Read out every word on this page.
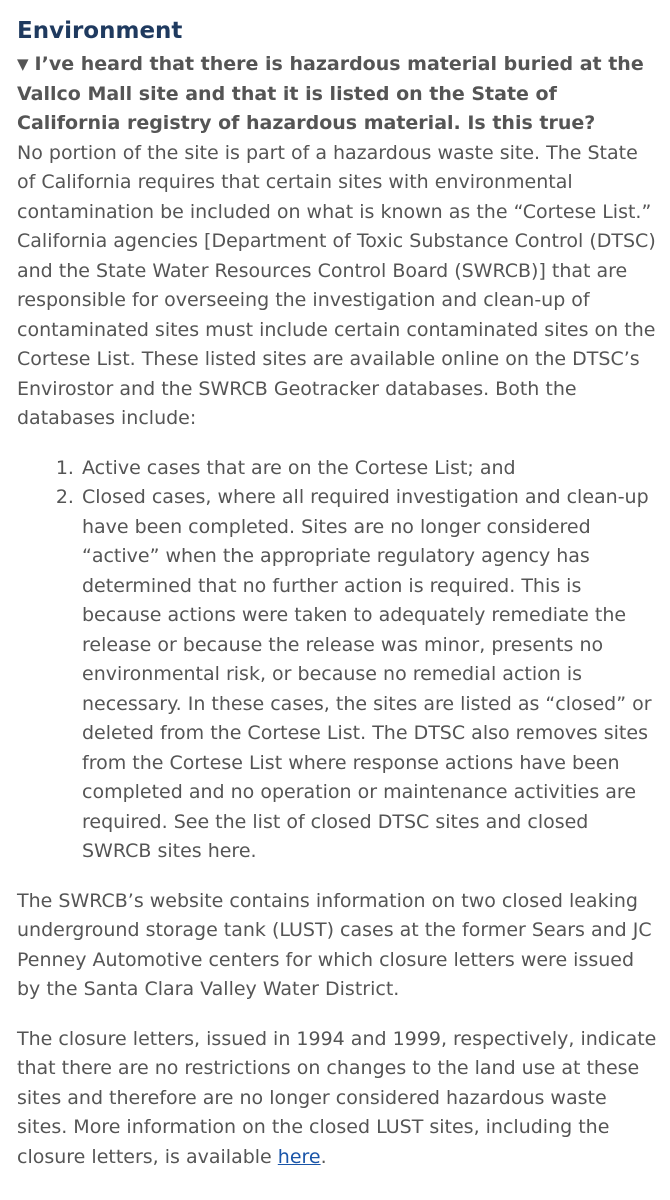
Environment
▼ I’ve heard that there is hazardous material buried at the Vallco Mall site and that it is listed on the State of California registry of hazardous material. Is this true?

No portion of the site is part of a hazardous waste site. The State of California requires that certain sites with environmental contamination be included on what is known as the “Cortese List.” California agencies [Department of Toxic Substance Control (DTSC) and the State Water Resources Control Board (SWRCB)] that are responsible for overseeing the investigation and clean-up of contaminated sites must include certain contaminated sites on the Cortese List. These listed sites are available online on the DTSC’s Envirostor and the SWRCB Geotracker databases. Both the databases include:

1. Active cases that are on the Cortese List; and
2. Closed cases, where all required investigation and clean-up have been completed. Sites are no longer considered “active” when the appropriate regulatory agency has determined that no further action is required. This is because actions were taken to adequately remediate the release or because the release was minor, presents no environmental risk, or because no remedial action is necessary. In these cases, the sites are listed as “closed” or deleted from the Cortese List. The DTSC also removes sites from the Cortese List where response actions have been completed and no operation or maintenance activities are required. See the list of closed DTSC sites and closed SWRCB sites here.

The SWRCB’s website contains information on two closed leaking underground storage tank (LUST) cases at the former Sears and JC Penney Automotive centers for which closure letters were issued by the Santa Clara Valley Water District.

The closure letters, issued in 1994 and 1999, respectively, indicate that there are no restrictions on changes to the land use at these sites and therefore are no longer considered hazardous waste sites. More information on the closed LUST sites, including the closure letters, is available here.
